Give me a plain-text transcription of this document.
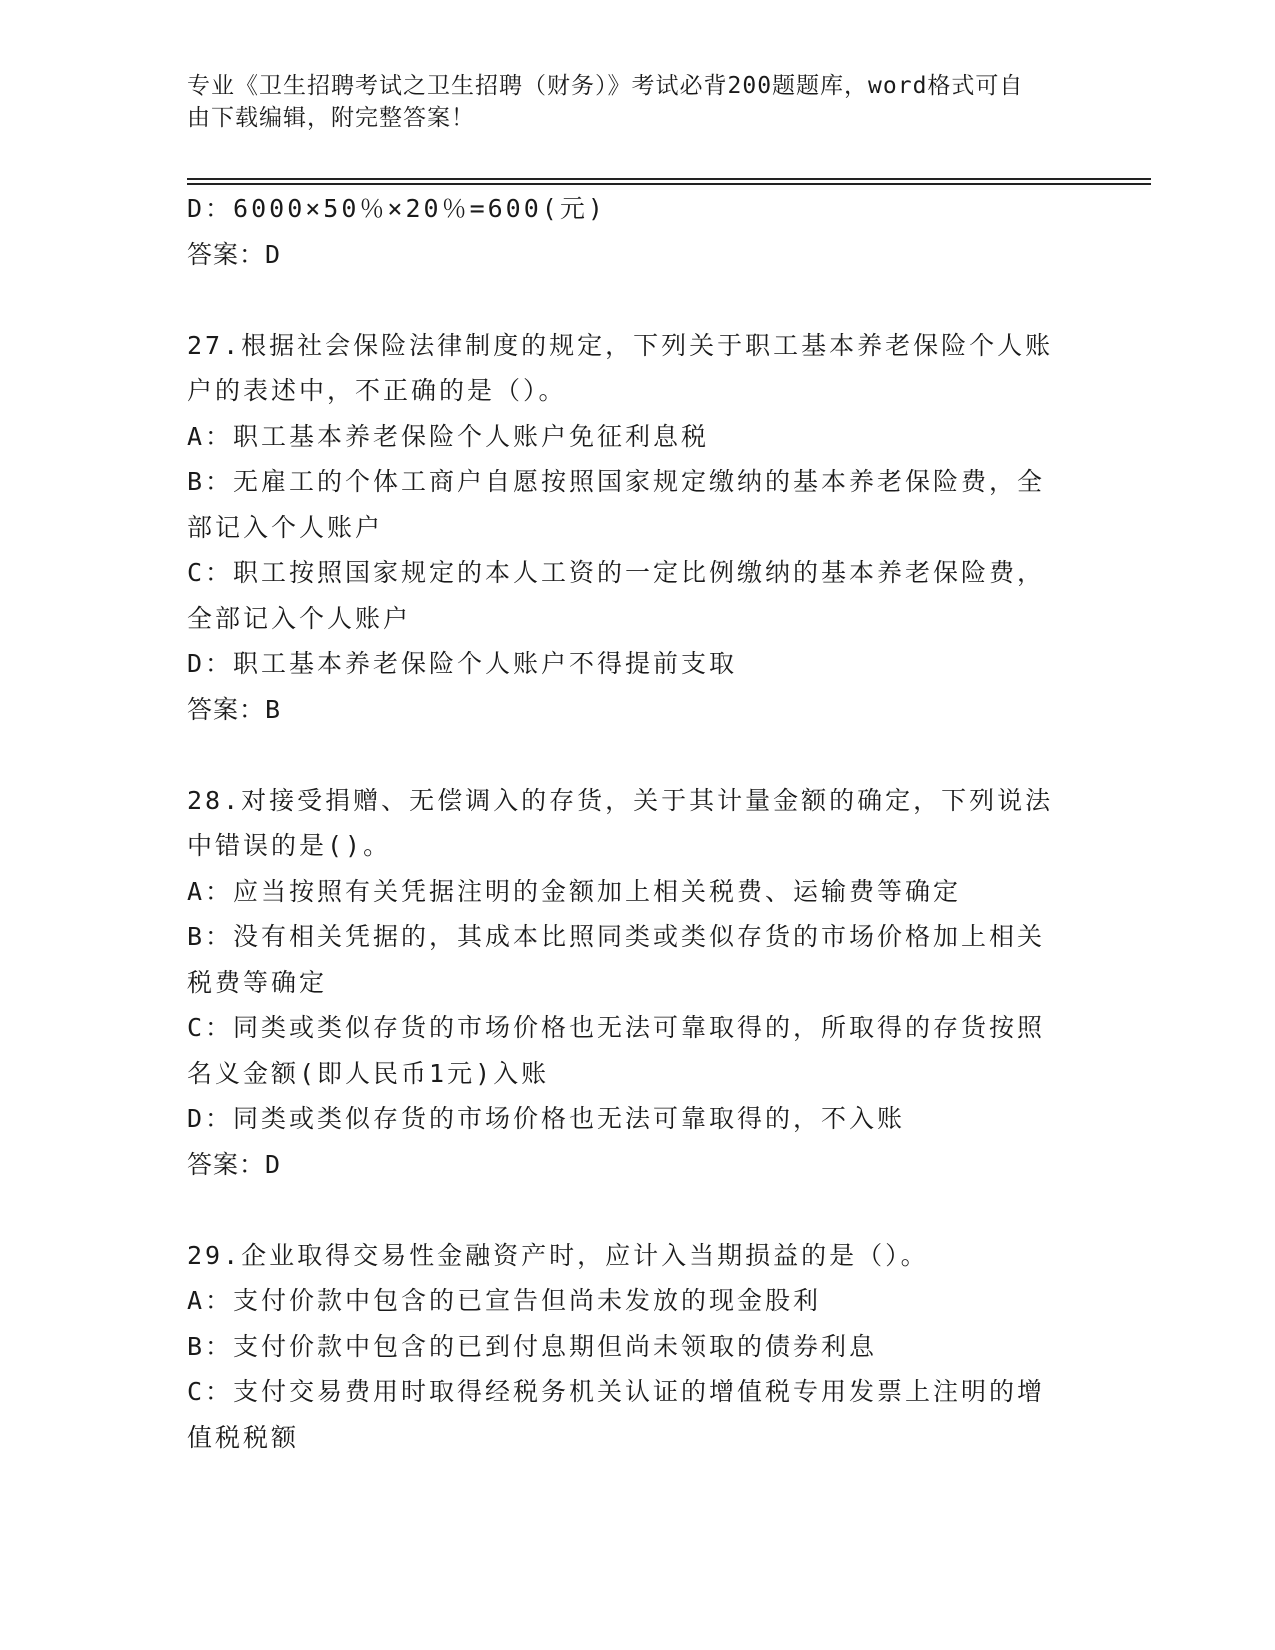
专业《卫生招聘考试之卫生招聘（财务）》考试必背200题题库，word格式可自
由下载编辑，附完整答案！
D：6000×50％×20％=600(元)
答案：D
27.根据社会保险法律制度的规定，下列关于职工基本养老保险个人账
户的表述中，不正确的是（）。
A：职工基本养老保险个人账户免征利息税
B：无雇工的个体工商户自愿按照国家规定缴纳的基本养老保险费，全
部记入个人账户
C：职工按照国家规定的本人工资的一定比例缴纳的基本养老保险费，
全部记入个人账户
D：职工基本养老保险个人账户不得提前支取
答案：B
28.对接受捐赠、无偿调入的存货，关于其计量金额的确定，下列说法
中错误的是()。
A：应当按照有关凭据注明的金额加上相关税费、运输费等确定
B：没有相关凭据的，其成本比照同类或类似存货的市场价格加上相关
税费等确定
C：同类或类似存货的市场价格也无法可靠取得的，所取得的存货按照
名义金额(即人民币1元)入账
D：同类或类似存货的市场价格也无法可靠取得的，不入账
答案：D
29.企业取得交易性金融资产时，应计入当期损益的是（）。
A：支付价款中包含的已宣告但尚未发放的现金股利
B：支付价款中包含的已到付息期但尚未领取的债券利息
C：支付交易费用时取得经税务机关认证的增值税专用发票上注明的增
值税税额
